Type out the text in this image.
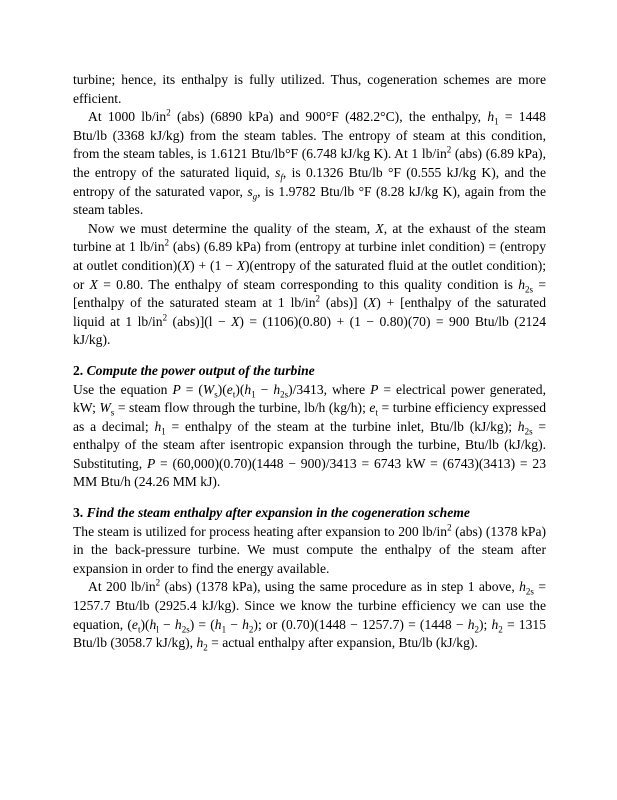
turbine; hence, its enthalpy is fully utilized. Thus, cogeneration schemes are more efficient.

At 1000 $lb/in^2$ (abs) (6890 kPa) and 900°F (482.2°C), the enthalpy, $h_1 = 1448$ Btu/lb (3368 kJ/kg) from the steam tables. The entropy of steam at this condition, from the steam tables, is 1.6121 Btu/lb°F (6.748 kJ/kg K). At 1 $lb/in^2$ (abs) (6.89 kPa), the entropy of the saturated liquid, $s_f$, is 0.1326 Btu/lb °F (0.555 kJ/kg K), and the entropy of the saturated vapor, $s_g$, is 1.9782 Btu/lb °F (8.28 kJ/kg K), again from the steam tables.

Now we must determine the quality of the steam, X, at the exhaust of the steam turbine at 1 $lb/in^2$ (abs) (6.89 kPa) from (entropy at turbine inlet condition) = (entropy at outlet condition)(X) + (1 − X)(entropy of the saturated fluid at the outlet condition); or X = 0.80. The enthalpy of steam corresponding to this quality condition is $h_{2s}$ = [enthalpy of the saturated steam at 1 $lb/in^2$ (abs)] (X) + [enthalpy of the saturated liquid at 1 $lb/in^2$ (abs)](l − X) = (1106)(0.80) + (1 − 0.80)(70) = 900 Btu/lb (2124 kJ/kg).

2. Compute the power output of the turbine

Use the equation $P = (W_s)(e_t)(h_1 - h_{2s})/3413$, where P = electrical power generated, kW; $W_s$ = steam flow through the turbine, lb/h (kg/h); $e_t$ = turbine efficiency expressed as a decimal; $h_1$ = enthalpy of the steam at the turbine inlet, Btu/lb (kJ/kg); $h_{2s}$ = enthalpy of the steam after isentropic expansion through the turbine, Btu/lb (kJ/kg). Substituting, P = (60,000)(0.70)(1448 − 900)/3413 = 6743 kW = (6743)(3413) = 23 MM Btu/h (24.26 MM kJ).

3. Find the steam enthalpy after expansion in the cogeneration scheme

The steam is utilized for process heating after expansion to 200 $lb/in^2$ (abs) (1378 kPa) in the back-pressure turbine. We must compute the enthalpy of the steam after expansion in order to find the energy available.

At 200 $lb/in^2$ (abs) (1378 kPa), using the same procedure as in step 1 above, $h_{2s} = 1257.7$ Btu/lb (2925.4 kJ/kg). Since we know the turbine efficiency we can use the equation, $(e_t)(h_l - h_{2s}) = (h_1 - h_2)$; or $(0.70)(1448 - 1257.7) = (1448 - h_2)$; $h_2 = 1315$ Btu/lb (3058.7 kJ/kg), $h_2$ = actual enthalpy after expansion, Btu/lb (kJ/kg).
